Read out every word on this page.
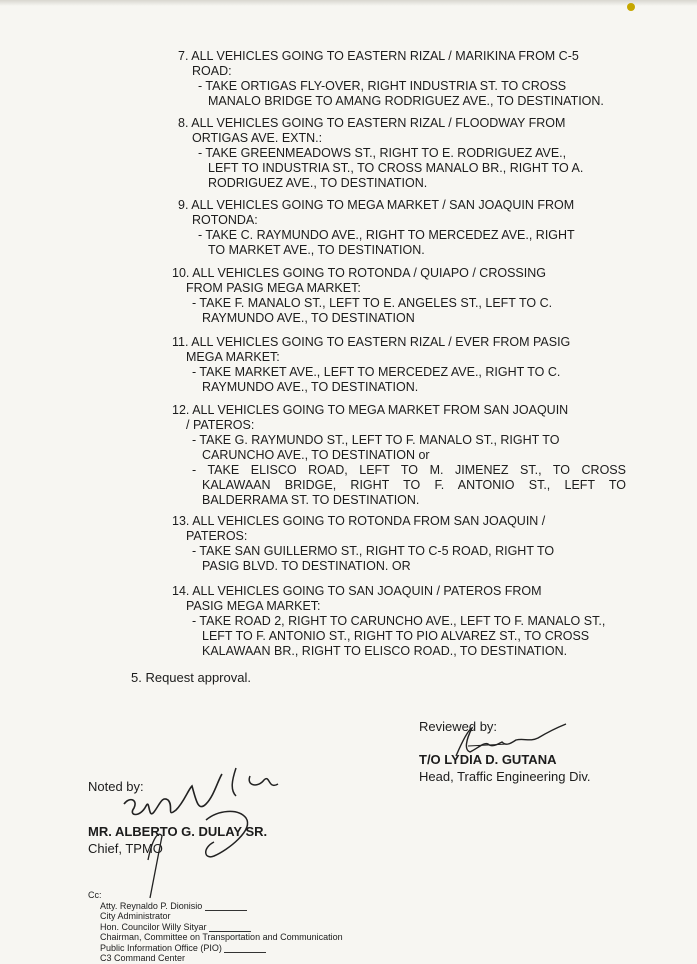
7. ALL VEHICLES GOING TO EASTERN RIZAL / MARIKINA FROM C-5

ROAD:

- TAKE ORTIGAS FLY-OVER, RIGHT INDUSTRIA ST. TO CROSS

MANALO BRIDGE TO AMANG RODRIGUEZ AVE., TO DESTINATION.

8. ALL VEHICLES GOING TO EASTERN RIZAL / FLOODWAY FROM

ORTIGAS AVE. EXTN.:

- TAKE GREENMEADOWS ST., RIGHT TO E. RODRIGUEZ AVE.,

LEFT TO INDUSTRIA ST., TO CROSS MANALO BR., RIGHT TO A.
RODRIGUEZ AVE., TO DESTINATION.

9. ALL VEHICLES GOING TO MEGA MARKET / SAN JOAQUIN FROM

ROTONDA:

- TAKE C. RAYMUNDO AVE., RIGHT TO MERCEDEZ AVE., RIGHT

TO MARKET AVE., TO DESTINATION.

10. ALL VEHICLES GOING TO ROTONDA / QUIAPO / CROSSING

FROM PASIG MEGA MARKET:

- TAKE F. MANALO ST., LEFT TO E. ANGELES ST., LEFT TO C.

RAYMUNDO AVE., TO DESTINATION

11. ALL VEHICLES GOING TO EASTERN RIZAL / EVER FROM PASIG

MEGA MARKET:

- TAKE MARKET AVE., LEFT TO MERCEDEZ AVE., RIGHT TO C.

RAYMUNDO AVE., TO DESTINATION.

12. ALL VEHICLES GOING TO MEGA MARKET FROM SAN JOAQUIN

/ PATEROS:

- TAKE G. RAYMUNDO ST., LEFT TO F. MANALO ST., RIGHT TO

CARUNCHO AVE., TO DESTINATION or
- TAKE ELISCO ROAD, LEFT TO M. JIMENEZ ST., TO CROSS
KALAWAAN BRIDGE, RIGHT TO F. ANTONIO ST., LEFT TO
BALDERRAMA ST. TO DESTINATION.

13. ALL VEHICLES GOING TO ROTONDA FROM SAN JOAQUIN /

PATEROS:

- TAKE SAN GUILLERMO ST., RIGHT TO C-5 ROAD, RIGHT TO

PASIG BLVD. TO DESTINATION. OR

14. ALL VEHICLES GOING TO SAN JOAQUIN / PATEROS FROM

PASIG MEGA MARKET:

- TAKE ROAD 2, RIGHT TO CARUNCHO AVE., LEFT TO F. MANALO ST.,

LEFT TO F. ANTONIO ST., RIGHT TO PIO ALVAREZ ST., TO CROSS
KALAWAAN BR., RIGHT TO ELISCO ROAD., TO DESTINATION.

5. Request approval.
Reviewed by:
T/O LYDIA D. GUTANA
Head, Traffic Engineering Div.
Noted by:
MR. ALBERTO G. DULAY SR.
Chief, TPMO
Cc:
Atty. Reynaldo P. Dionisio
City Administrator
Hon. Councilor Willy Sityar
Chairman, Committee on Transportation and Communication
Public Information Office (PIO)
C3 Command Center
